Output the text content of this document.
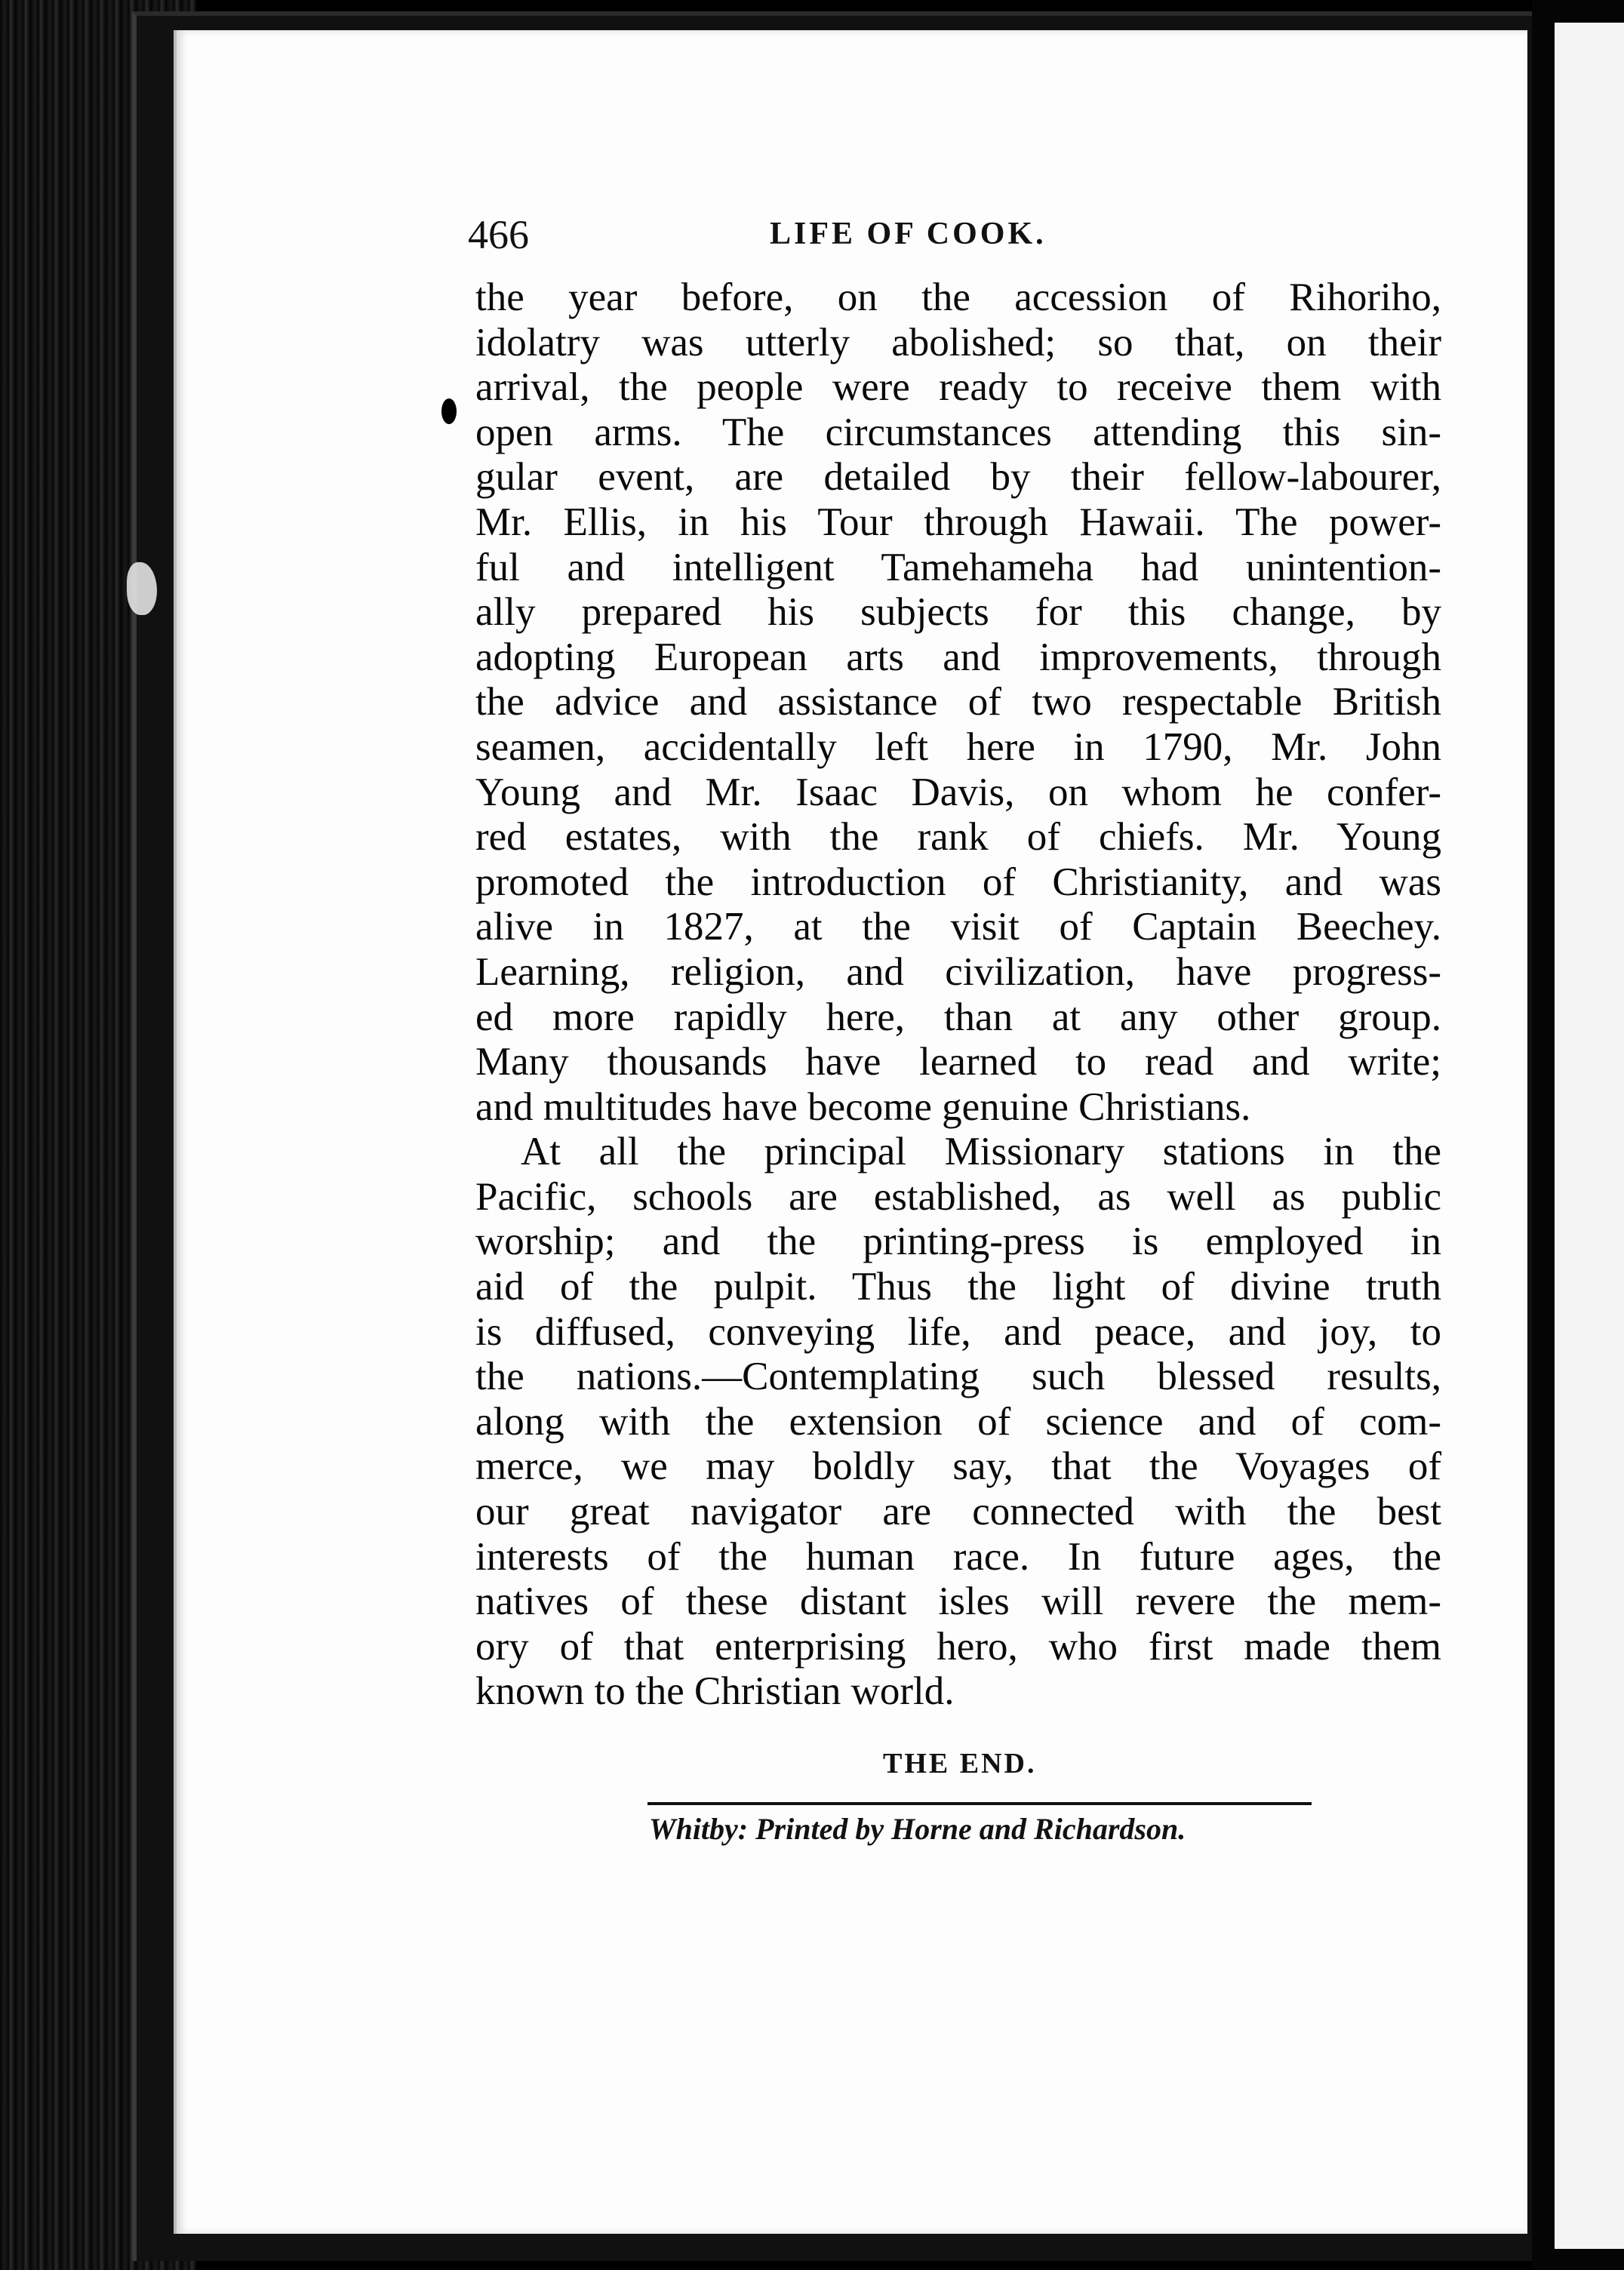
466	LIFE OF COOK.
the year before, on the accession of Rihoriho,
idolatry was utterly abolished; so that, on their
arrival, the people were ready to receive them with
open arms. The circumstances attending this sin-
gular event, are detailed by their fellow-labourer,
Mr. Ellis, in his Tour through Hawaii. The power-
ful and intelligent Tamehameha had unintention-
ally prepared his subjects for this change, by
adopting European arts and improvements, through
the advice and assistance of two respectable British
seamen, accidentally left here in 1790, Mr. John
Young and Mr. Isaac Davis, on whom he confer-
red estates, with the rank of chiefs. Mr. Young
promoted the introduction of Christianity, and was
alive in 1827, at the visit of Captain Beechey.
Learning, religion, and civilization, have progress-
ed more rapidly here, than at any other group.
Many thousands have learned to read and write;
and multitudes have become genuine Christians.
At all the principal Missionary stations in the
Pacific, schools are established, as well as public
worship; and the printing-press is employed in
aid of the pulpit. Thus the light of divine truth
is diffused, conveying life, and peace, and joy, to
the nations.—Contemplating such blessed results,
along with the extension of science and of com-
merce, we may boldly say, that the Voyages of
our great navigator are connected with the best
interests of the human race. In future ages, the
natives of these distant isles will revere the mem-
ory of that enterprising hero, who first made them
known to the Christian world.
THE END.
Whitby: Printed by Horne and Richardson.
